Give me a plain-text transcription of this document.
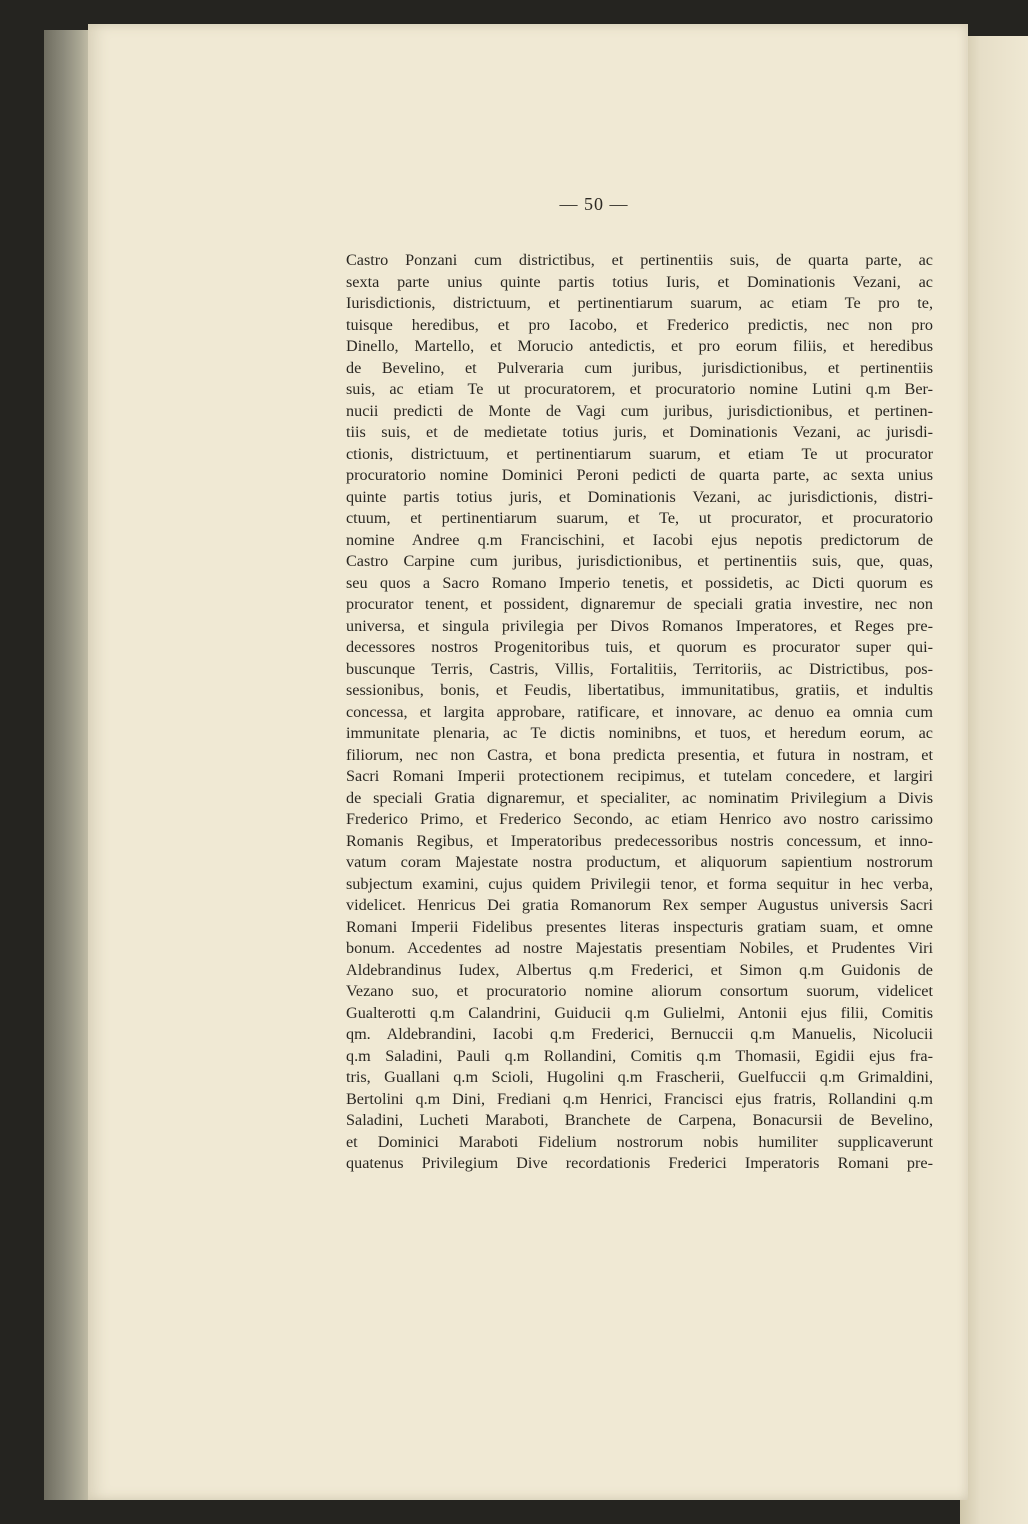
— 50 —
Castro Ponzani cum districtibus, et pertinentiis suis, de quarta parte, ac
sexta parte unius quinte partis totius Iuris, et Dominationis Vezani, ac
Iurisdictionis, districtuum, et pertinentiarum suarum, ac etiam Te pro te,
tuisque heredibus, et pro Iacobo, et Frederico predictis, nec non pro
Dinello, Martello, et Morucio antedictis, et pro eorum filiis, et heredibus
de Bevelino, et Pulveraria cum juribus, jurisdictionibus, et pertinentiis
suis, ac etiam Te ut procuratorem, et procuratorio nomine Lutini q.m Ber-
nucii predicti de Monte de Vagi cum juribus, jurisdictionibus, et pertinen-
tiis suis, et de medietate totius juris, et Dominationis Vezani, ac jurisdi-
ctionis, districtuum, et pertinentiarum suarum, et etiam Te ut procurator
procuratorio nomine Dominici Peroni pedicti de quarta parte, ac sexta unius
quinte partis totius juris, et Dominationis Vezani, ac jurisdictionis, distri-
ctuum, et pertinentiarum suarum, et Te, ut procurator, et procuratorio
nomine Andree q.m Francischini, et Iacobi ejus nepotis predictorum de
Castro Carpine cum juribus, jurisdictionibus, et pertinentiis suis, que, quas,
seu quos a Sacro Romano Imperio tenetis, et possidetis, ac Dicti quorum es
procurator tenent, et possident, dignaremur de speciali gratia investire, nec non
universa, et singula privilegia per Divos Romanos Imperatores, et Reges pre-
decessores nostros Progenitoribus tuis, et quorum es procurator super qui-
buscunque Terris, Castris, Villis, Fortalitiis, Territoriis, ac Districtibus, pos-
sessionibus, bonis, et Feudis, libertatibus, immunitatibus, gratiis, et indultis
concessa, et largita approbare, ratificare, et innovare, ac denuo ea omnia cum
immunitate plenaria, ac Te dictis nominibns, et tuos, et heredum eorum, ac
filiorum, nec non Castra, et bona predicta presentia, et futura in nostram, et
Sacri Romani Imperii protectionem recipimus, et tutelam concedere, et largiri
de speciali Gratia dignaremur, et specialiter, ac nominatim Privilegium a Divis
Frederico Primo, et Frederico Secondo, ac etiam Henrico avo nostro carissimo
Romanis Regibus, et Imperatoribus predecessoribus nostris concessum, et inno-
vatum coram Majestate nostra productum, et aliquorum sapientium nostrorum
subjectum examini, cujus quidem Privilegii tenor, et forma sequitur in hec verba,
videlicet. Henricus Dei gratia Romanorum Rex semper Augustus universis Sacri
Romani Imperii Fidelibus presentes literas inspecturis gratiam suam, et omne
bonum. Accedentes ad nostre Majestatis presentiam Nobiles, et Prudentes Viri
Aldebrandinus Iudex, Albertus q.m Frederici, et Simon q.m Guidonis de
Vezano suo, et procuratorio nomine aliorum consortum suorum, videlicet
Gualterotti q.m Calandrini, Guiducii q.m Gulielmi, Antonii ejus filii, Comitis
qm. Aldebrandini, Iacobi q.m Frederici, Bernuccii q.m Manuelis, Nicolucii
q.m Saladini, Pauli q.m Rollandini, Comitis q.m Thomasii, Egidii ejus fra-
tris, Guallani q.m Scioli, Hugolini q.m Frascherii, Guelfuccii q.m Grimaldini,
Bertolini q.m Dini, Frediani q.m Henrici, Francisci ejus fratris, Rollandini q.m
Saladini, Lucheti Maraboti, Branchete de Carpena, Bonacursii de Bevelino,
et Dominici Maraboti Fidelium nostrorum nobis humiliter supplicaverunt
quatenus Privilegium Dive recordationis Frederici Imperatoris Romani pre-
